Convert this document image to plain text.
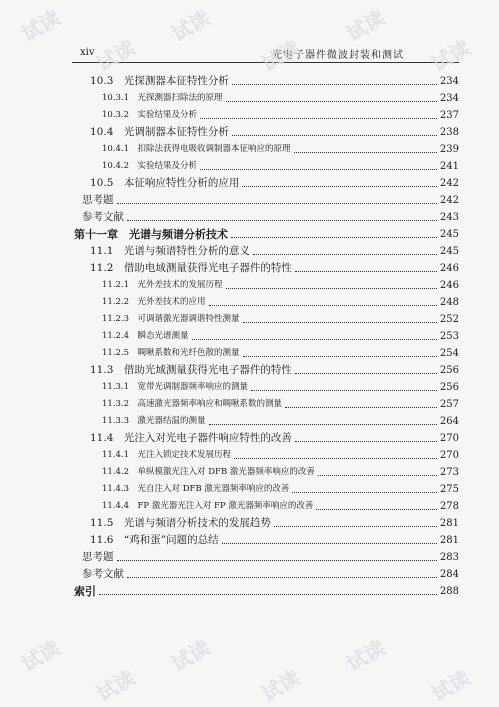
xiv	光电子器件微波封装和测试
10.3　光探测器本征特性分析	234
10.3.1　光探测器扫除法的原理	234
10.3.2　实验结果及分析	237
10.4　光调制器本征特性分析	238
10.4.1　扣除法获得电吸收调制器本征响应的原理	239
10.4.2　实验结果及分析	241
10.5　本征响应特性分析的应用	242
思考题	242
参考文献	243
第十一章　光谱与频谱分析技术	245
11.1　光谱与频谱特性分析的意义	245
11.2　借助电域测量获得光电子器件的特性	246
11.2.1　光外差技术的发展历程	246
11.2.2　光外差技术的应用	248
11.2.3　可调谐激光器调谐特性测量	252
11.2.4　瞬态光谱测量	253
11.2.5　啁啾系数和光纤色散的测量	254
11.3　借助光域测量获得光电子器件的特性	256
11.3.1　宽带光调制器频率响应的测量	256
11.3.2　高速激光器频率响应和啁啾系数的测量	257
11.3.3　激光器结温的测量	264
11.4　光注入对光电子器件响应特性的改善	270
11.4.1　光注入锁定技术发展历程	270
11.4.2　单纵模激光注入对 DFB 激光器频率响应的改善	273
11.4.3　光自注入对 DFB 激光器频率响应的改善	275
11.4.4　FP 激光器光注入对 FP 激光器频率响应的改善	278
11.5　光谱与频谱分析技术的发展趋势	281
11.6　“鸡和蛋”问题的总结	281
思考题	283
参考文献	284
索引	288
试读
试读
试读
试读
试读
试读
试读
试读
试读
试读
试读
试读
